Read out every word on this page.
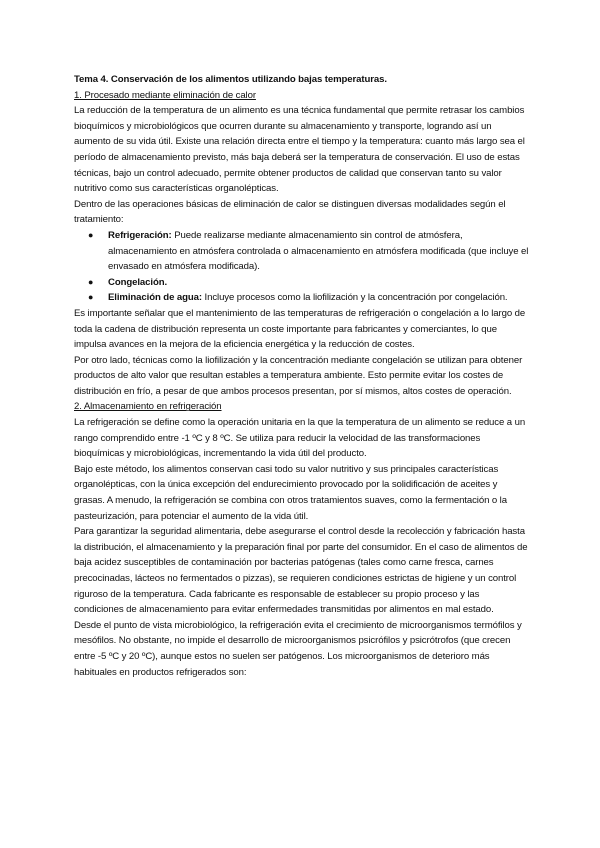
Tema 4. Conservación de los alimentos utilizando bajas temperaturas.

1. Procesado mediante eliminación de calor

La reducción de la temperatura de un alimento es una técnica fundamental que permite retrasar los cambios bioquímicos y microbiológicos que ocurren durante su almacenamiento y transporte, logrando así un aumento de su vida útil. Existe una relación directa entre el tiempo y la temperatura: cuanto más largo sea el período de almacenamiento previsto, más baja deberá ser la temperatura de conservación. El uso de estas técnicas, bajo un control adecuado, permite obtener productos de calidad que conservan tanto su valor nutritivo como sus características organolépticas.

Dentro de las operaciones básicas de eliminación de calor se distinguen diversas modalidades según el tratamiento:

● Refrigeración: Puede realizarse mediante almacenamiento sin control de atmósfera, almacenamiento en atmósfera controlada o almacenamiento en atmósfera modificada (que incluye el envasado en atmósfera modificada).
● Congelación.
● Eliminación de agua: Incluye procesos como la liofilización y la concentración por congelación.

Es importante señalar que el mantenimiento de las temperaturas de refrigeración o congelación a lo largo de toda la cadena de distribución representa un coste importante para fabricantes y comerciantes, lo que impulsa avances en la mejora de la eficiencia energética y la reducción de costes.

Por otro lado, técnicas como la liofilización y la concentración mediante congelación se utilizan para obtener productos de alto valor que resultan estables a temperatura ambiente. Esto permite evitar los costes de distribución en frío, a pesar de que ambos procesos presentan, por sí mismos, altos costes de operación.

2. Almacenamiento en refrigeración

La refrigeración se define como la operación unitaria en la que la temperatura de un alimento se reduce a un rango comprendido entre -1 ºC y 8 ºC. Se utiliza para reducir la velocidad de las transformaciones bioquímicas y microbiológicas, incrementando la vida útil del producto.

Bajo este método, los alimentos conservan casi todo su valor nutritivo y sus principales características organolépticas, con la única excepción del endurecimiento provocado por la solidificación de aceites y grasas. A menudo, la refrigeración se combina con otros tratamientos suaves, como la fermentación o la pasteurización, para potenciar el aumento de la vida útil.

Para garantizar la seguridad alimentaria, debe asegurarse el control desde la recolección y fabricación hasta la distribución, el almacenamiento y la preparación final por parte del consumidor. En el caso de alimentos de baja acidez susceptibles de contaminación por bacterias patógenas (tales como carne fresca, carnes precocinadas, lácteos no fermentados o pizzas), se requieren condiciones estrictas de higiene y un control riguroso de la temperatura. Cada fabricante es responsable de establecer su propio proceso y las condiciones de almacenamiento para evitar enfermedades transmitidas por alimentos en mal estado.

Desde el punto de vista microbiológico, la refrigeración evita el crecimiento de microorganismos termófilos y mesófilos. No obstante, no impide el desarrollo de microorganismos psicrófilos y psicrótrofos (que crecen entre -5 ºC y 20 ºC), aunque estos no suelen ser patógenos. Los microorganismos de deterioro más habituales en productos refrigerados son:
